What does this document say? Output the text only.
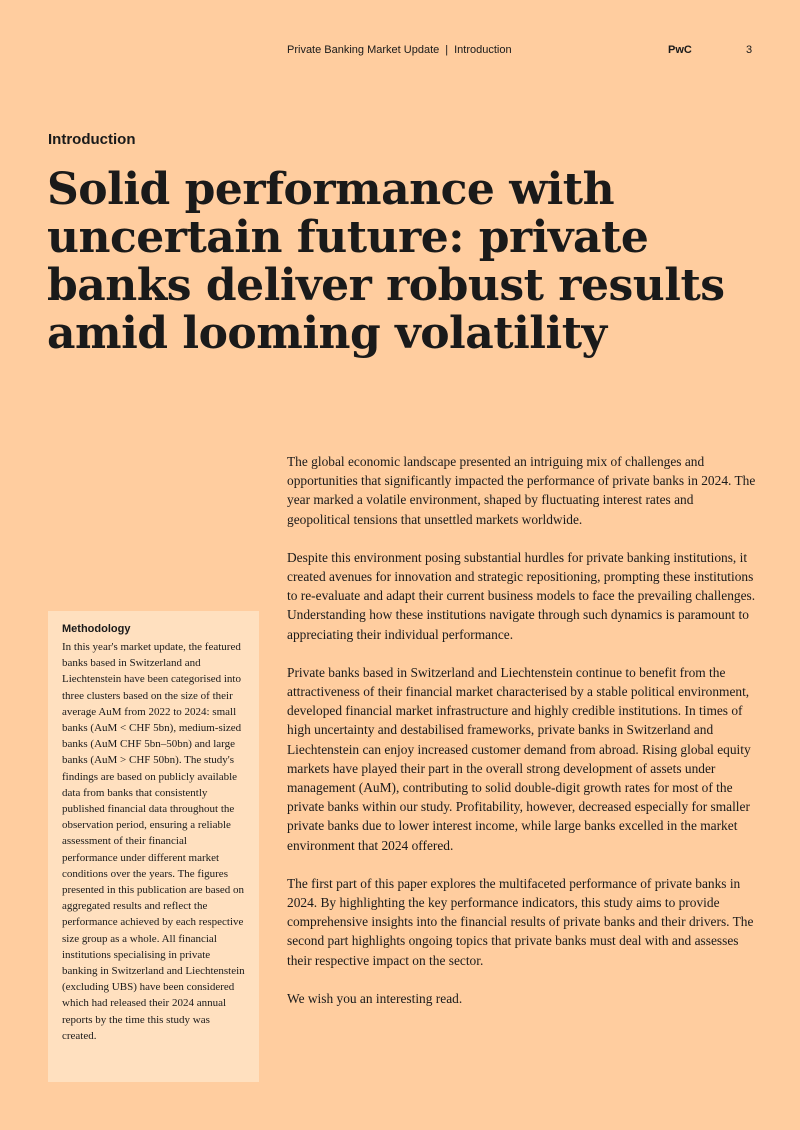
Private Banking Market Update | Introduction	PwC	3
Introduction
Solid performance with uncertain future: private banks deliver robust results amid looming volatility

Methodology

In this year's market update, the featured banks based in Switzerland and Liechtenstein have been categorised into three clusters based on the size of their average AuM from 2022 to 2024: small banks (AuM < CHF 5bn), medium-sized banks (AuM CHF 5bn–50bn) and large banks (AuM > CHF 50bn). The study's findings are based on publicly available data from banks that consistently published financial data throughout the observation period, ensuring a reliable assessment of their financial performance under different market conditions over the years. The figures presented in this publication are based on aggregated results and reflect the performance achieved by each respective size group as a whole. All financial institutions specialising in private banking in Switzerland and Liechtenstein (excluding UBS) have been considered which had released their 2024 annual reports by the time this study was created.

The global economic landscape presented an intriguing mix of challenges and opportunities that significantly impacted the performance of private banks in 2024. The year marked a volatile environment, shaped by fluctuating interest rates and geopolitical tensions that unsettled markets worldwide.

Despite this environment posing substantial hurdles for private banking institutions, it created avenues for innovation and strategic repositioning, prompting these institutions to re-evaluate and adapt their current business models to face the prevailing challenges. Understanding how these institutions navigate through such dynamics is paramount to appreciating their individual performance.

Private banks based in Switzerland and Liechtenstein continue to benefit from the attractiveness of their financial market characterised by a stable political environment, developed financial market infrastructure and highly credible institutions. In times of high uncertainty and destabilised frameworks, private banks in Switzerland and Liechtenstein can enjoy increased customer demand from abroad. Rising global equity markets have played their part in the overall strong development of assets under management (AuM), contributing to solid double-digit growth rates for most of the private banks within our study. Profitability, however, decreased especially for smaller private banks due to lower interest income, while large banks excelled in the market environment that 2024 offered.

The first part of this paper explores the multifaceted performance of private banks in 2024. By highlighting the key performance indicators, this study aims to provide comprehensive insights into the financial results of private banks and their drivers. The second part highlights ongoing topics that private banks must deal with and assesses their respective impact on the sector.

We wish you an interesting read.
